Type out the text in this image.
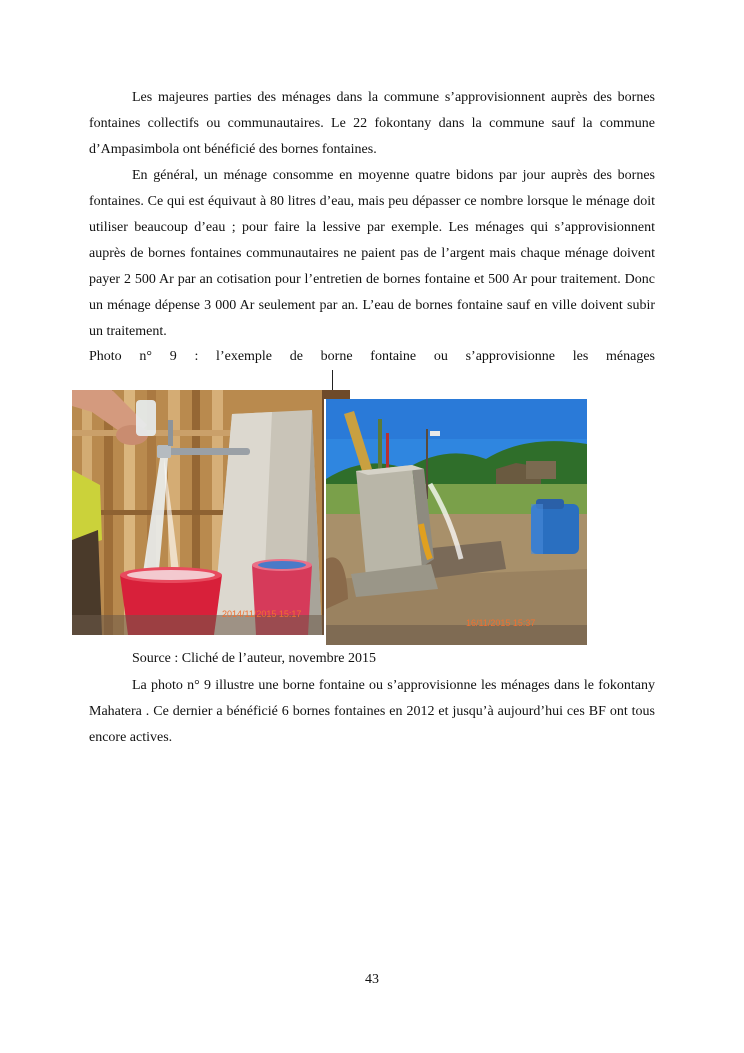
Les majeures parties des ménages dans la commune s’approvisionnent auprès des bornes fontaines collectifs ou communautaires. Le 22 fokontany dans la commune sauf la commune d’Ampasimbola ont bénéficié des bornes fontaines.

En général, un ménage consomme en moyenne quatre bidons par jour auprès des bornes fontaines. Ce qui est équivaut à 80 litres d’eau, mais peu dépasser ce nombre lorsque le ménage doit utiliser beaucoup d’eau ; pour faire la lessive par exemple. Les ménages qui s’approvisionnent auprès de bornes fontaines communautaires ne paient pas de l’argent mais chaque ménage doivent payer 2 500 Ar par an cotisation pour l’entretien de bornes fontaine et 500 Ar pour traitement. Donc un ménage dépense 3 000 Ar seulement par an. L’eau de bornes fontaine sauf en ville doivent subir un traitement.

Photo n° 9 : l’exemple de borne fontaine ou s’approvisionne les ménages

2014/11/2015 15:17
16/11/2015 15:37

Source : Cliché de l’auteur, novembre 2015

La photo n° 9 illustre une borne fontaine ou s’approvisionne les ménages dans le fokontany Mahatera . Ce dernier a bénéficié 6 bornes fontaines en 2012 et jusqu’à aujourd’hui ces BF ont tous encore actives.

43
